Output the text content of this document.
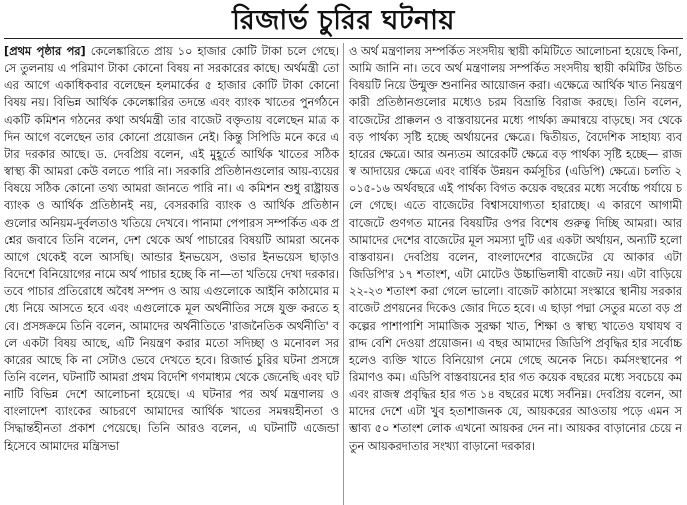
রিজার্ভ চুরির ঘটনায়

[প্রথম পৃষ্ঠার পর] কেলেঙ্কারিতে প্রায় ১০ হাজার কোটি টাকা চলে গেছে। সে তুলনায় এ পরিমাণ টাকা কোনো বিষয় না সরকারের কাছে। অর্থমন্ত্রী তো এর আগে একাধিকবার বলেছেন হলমার্কের ৫ হাজার কোটি টাকা কোনো বিষয় নয়। বিভিন্ন আর্থিক কেলেঙ্কারির তদন্তে এবং ব্যাংক খাতের পুনর্গঠনে একটি কমিশন গঠনের কথা অর্থমন্ত্রী তার বাজেট বক্তৃতায় বলেছেন মাত্র কদিন আগে বলেছেন তার কোনো প্রয়োজন নেই। কিন্তু সিপিডি মনে করে এটার দরকার আছে। ড. দেবপ্রিয় বলেন, এই মুহূর্তে আর্থিক খাতের সঠিক স্বাস্থ্য কী আমরা কেউ বলতে পারি না। সরকারি প্রতিষ্ঠানগুলোর আয়-ব্যয়ের বিষয়ে সঠিক কোনো তথ্য আমরা জানতে পারি না। এ কমিশন শুধু রাষ্ট্রায়ত্ত ব্যাংক ও আর্থিক প্রতিষ্ঠানই নয়, বেসরকারি ব্যাংক ও আর্থিক প্রতিষ্ঠানগুলোর অনিয়ম-দুর্বলতাও খতিয়ে দেখবে। পানামা পেপারস সম্পর্কিত এক প্রশ্নের জবাবে তিনি বলেন, দেশ থেকে অর্থ পাচারের বিষয়টি আমরা অনেক আগে থেকেই বলে আসছি। আন্ডার ইনভয়েস, ওভার ইনভয়েস ছাড়াও বিদেশে বিনিয়োগের নামে অর্থ পাচার হচ্ছে কি না—তা খতিয়ে দেখা দরকার। তবে পাচার প্রতিরোধে অবৈধ সম্পদ ও আয় এগুলোকে আইনি কাঠামোর মধ্যে নিয়ে আসতে হবে এবং এগুলোকে মূল অর্থনীতির সঙ্গে যুক্ত করতে হবে। প্রসঙ্গক্রমে তিনি বলেন, আমাদের অর্থনীতিতে 'রাজনৈতিক অর্থনীতি' বলে একটা বিষয় আছে, এটি নিয়ন্ত্রণ করার মতো সদিচ্ছা ও মনোবল সরকারের আছে কি না সেটাও ভেবে দেখতে হবে। রিজার্ভ চুরির ঘটনা প্রসঙ্গে তিনি বলেন, ঘটনাটি আমরা প্রথম বিদেশি গণমাধ্যম থেকে জেনেছি এবং ঘটনাটি বিভিন্ন দেশে আলোচনা হয়েছে। এ ঘটনার পর অর্থ মন্ত্রণালয় ও বাংলাদেশ ব্যাংকের আচরণে আমাদের আর্থিক খাতের সমন্বয়হীনতা ও সিদ্ধান্তহীনতা প্রকাশ পেয়েছে। তিনি আরও বলেন, এ ঘটনাটি এজেন্ডা হিসেবে আমাদের মন্ত্রিসভা

ও অর্থ মন্ত্রণালয় সম্পর্কিত সংসদীয় স্থায়ী কমিটিতে আলোচনা হয়েছে কিনা, আমি জানি না। তবে অর্থ মন্ত্রণালয় সম্পর্কিত সংসদীয় স্থায়ী কমিটির উচিত বিষয়টি নিয়ে উন্মুক্ত শুনানির আয়োজন করা। এক্ষেত্রে আর্থিক খাত নিয়ন্ত্রণকারী প্রতিষ্ঠানগুলোর মধ্যেও চরম বিভ্রান্তি বিরাজ করছে। তিনি বলেন, বাজেটের প্রাক্কলন ও বাস্তবায়নের মধ্যে পার্থক্য ক্রমান্বয়ে বাড়ছে। সব থেকে বড় পার্থক্য সৃষ্টি হচ্ছে অর্থায়নের ক্ষেত্রে। দ্বিতীয়ত, বৈদেশিক সাহায্য ব্যবহারের ক্ষেত্রে। আর অন্যতম আরেকটি ক্ষেত্রে বড় পার্থক্য সৃষ্টি হচ্ছে— রাজস্ব আদায়ের ক্ষেত্রে এবং বার্ষিক উন্নয়ন কর্মসূচির (এডিপি) ক্ষেত্রে। চলতি ২০১৫-১৬ অর্থবছরে এই পার্থক্য বিগত কয়েক বছরের মধ্যে সর্বোচ্চ পর্যায়ে চলে গেছে। এতে বাজেটের বিশ্বাসযোগ্যতা হারাচ্ছে। এ কারণে আগামী বাজেটে গুণগত মানের বিষয়টির ওপর বিশেষ গুরুত্ব দিচ্ছি আমরা। আর আমাদের দেশের বাজেটের মূল সমস্যা দুটি এর একটা অর্থায়ন, অন্যটি হলো বাস্তবায়ন। দেবপ্রিয় বলেন, বাংলাদেশের বাজেটের যে আকার এটা জিডিপি'র ১৭ শতাংশ, এটা মোটেও উচ্চাভিলাষী বাজেট নয়। এটা বাড়িয়ে ২২-২৩ শতাংশ করা গেলে ভালো। বাজেট কাঠামো সংস্কারে স্থানীয় সরকার বাজেট প্রণয়নের দিকেও জোর দিতে হবে। এ ছাড়া পদ্মা সেতুর মতো বড় প্রকল্পের পাশাপাশি সামাজিক সুরক্ষা খাত, শিক্ষা ও স্বাস্থ্য খাতেও যথাযথ বরাদ্দ বেশি দেওয়া প্রয়োজন। এ বছর আমাদের জিডিপি প্রবৃদ্ধির হার সর্বোচ্চ হলেও ব্যক্তি খাতে বিনিয়োগ নেমে গেছে অনেক নিচে। কর্মসংস্থানের পরিমাণও কম। এডিপি বাস্তবায়নের হার গত কয়েক বছরের মধ্যে সবচেয়ে কম এবং রাজস্ব প্রবৃদ্ধির হার গত ১৪ বছরের মধ্যে সর্বনিম্ন। দেবপ্রিয় বলেন, আমাদের দেশে এটা খুব হতাশাজনক যে, আয়করের আওতায় পড়ে এমন সম্ভাব্য ৫০ শতাংশ লোক এখনো আয়কর দেন না। আয়কর বাড়ানোর চেয়ে নতুন আয়করদাতার সংখ্যা বাড়ানো দরকার।
